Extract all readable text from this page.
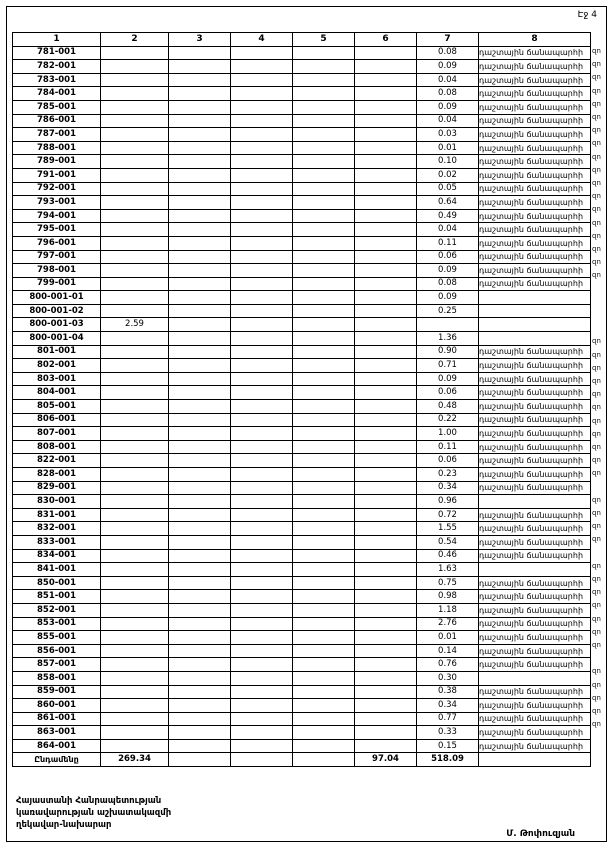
Էջ 4
1	2	3	4	5	6	7	8
781-001						0.08	դաշտային ճանապարհի
782-001						0.09	դաշտային ճանապարհի
783-001						0.04	դաշտային ճանապարհի
784-001						0.08	դաշտային ճանապարհի
785-001						0.09	դաշտային ճանապարհի
786-001						0.04	դաշտային ճանապարհի
787-001						0.03	դաշտային ճանապարհի
788-001						0.01	դաշտային ճանապարհի
789-001						0.10	դաշտային ճանապարհի
791-001						0.02	դաշտային ճանապարհի
792-001						0.05	դաշտային ճանապարհի
793-001						0.64	դաշտային ճանապարհի
794-001						0.49	դաշտային ճանապարհի
795-001						0.04	դաշտային ճանապարհի
796-001						0.11	դաշտային ճանապարհի
797-001						0.06	դաշտային ճանապարհի
798-001						0.09	դաշտային ճանապարհի
799-001						0.08	դաշտային ճանապարհի
800-001-01						0.09	
800-001-02						0.25	
800-001-03	2.59						
800-001-04						1.36	
801-001						0.90	դաշտային ճանապարհի
802-001						0.71	դաշտային ճանապարհի
803-001						0.09	դաշտային ճանապարհի
804-001						0.06	դաշտային ճանապարհի
805-001						0.48	դաշտային ճանապարհի
806-001						0.22	դաշտային ճանապարհի
807-001						1.00	դաշտային ճանապարհի
808-001						0.11	դաշտային ճանապարհի
822-001						0.06	դաշտային ճանապարհի
828-001						0.23	դաշտային ճանապարհի
829-001						0.34	դաշտային ճանապարհի
830-001						0.96	
831-001						0.72	դաշտային ճանապարհի
832-001						1.55	դաշտային ճանապարհի
833-001						0.54	դաշտային ճանապարհի
834-001						0.46	դաշտային ճանապարհի
841-001						1.63	
850-001						0.75	դաշտային ճանապարհի
851-001						0.98	դաշտային ճանապարհի
852-001						1.18	դաշտային ճանապարհի
853-001						2.76	դաշտային ճանապարհի
855-001						0.01	դաշտային ճանապարհի
856-001						0.14	դաշտային ճանապարհի
857-001						0.76	դաշտային ճանապարհի
858-001						0.30	
859-001						0.38	դաշտային ճանապարհի
860-001						0.34	դաշտային ճանապարհի
861-001						0.77	դաշտային ճանապարհի
863-001						0.33	դաշտային ճանապարհի
864-001						0.15	դաշտային ճանապարհի
Ընդամենը	269.34				97.04	518.09	
Հայաստանի Հանրապետության
կառավարության աշխատակազմի
ղեկավար-նախարար
Մ. Թոփուզյան
զո
զո
զո
զո
զո
զո
զո
զո
զո
զո
զո
զո
զո
զո
զո
զո
զո
զո
զո
զո
զո
զո
զո
զո
զո
զո
զո
զո
զո
զո
զո
զո
զո
զո
զո
զո
զո
զո
զո
զո
զո
զո
զո
զո
զո
